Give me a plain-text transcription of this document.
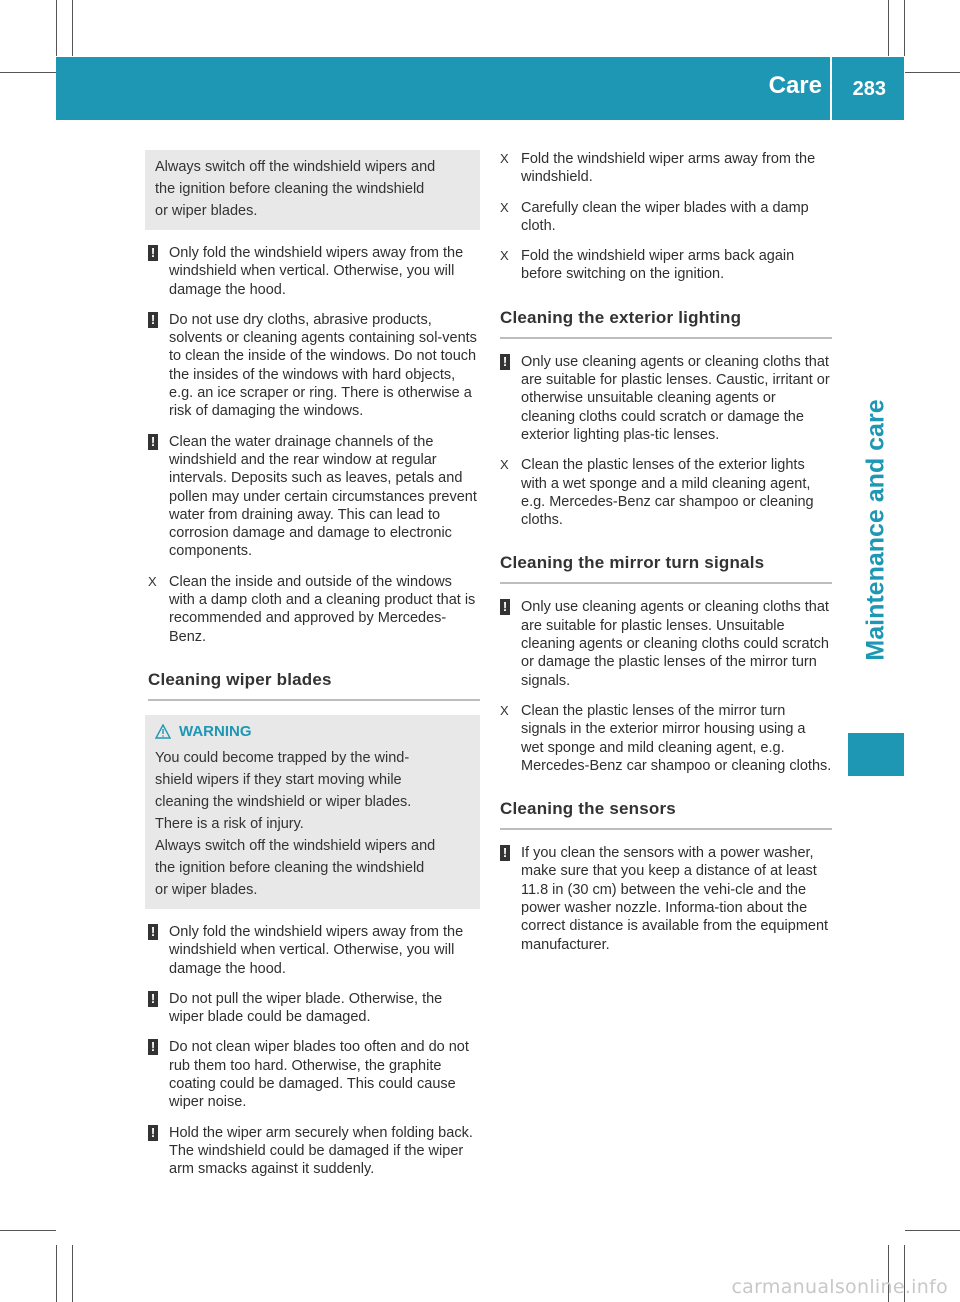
Care 283
Maintenance and care

Always switch off the windshield wipers and

the ignition before cleaning the windshield

or wiper blades.

! Only fold the windshield wipers away from the windshield when vertical. Otherwise, you will damage the hood.

! Do not use dry cloths, abrasive products, solvents or cleaning agents containing sol-vents to clean the inside of the windows. Do not touch the insides of the windows with hard objects, e.g. an ice scraper or ring. There is otherwise a risk of damaging the windows.

! Clean the water drainage channels of the windshield and the rear window at regular intervals. Deposits such as leaves, petals and pollen may under certain circumstances prevent water from draining away. This can lead to corrosion damage and damage to electronic components.

X Clean the inside and outside of the windows with a damp cloth and a cleaning product that is recommended and approved by Mercedes-Benz.

Cleaning wiper blades

WARNING

You could become trapped by the wind-

shield wipers if they start moving while

cleaning the windshield or wiper blades.

There is a risk of injury.

Always switch off the windshield wipers and

the ignition before cleaning the windshield

or wiper blades.

! Only fold the windshield wipers away from the windshield when vertical. Otherwise, you will damage the hood.

! Do not pull the wiper blade. Otherwise, the wiper blade could be damaged.

! Do not clean wiper blades too often and do not rub them too hard. Otherwise, the graphite coating could be damaged. This could cause wiper noise.

! Hold the wiper arm securely when folding back. The windshield could be damaged if the wiper arm smacks against it suddenly.

X Fold the windshield wiper arms away from the windshield.

X Carefully clean the wiper blades with a damp cloth.

X Fold the windshield wiper arms back again before switching on the ignition.

Cleaning the exterior lighting

! Only use cleaning agents or cleaning cloths that are suitable for plastic lenses. Caustic, irritant or otherwise unsuitable cleaning agents or cleaning cloths could scratch or damage the exterior lighting plas-tic lenses.

X Clean the plastic lenses of the exterior lights with a wet sponge and a mild cleaning agent, e.g. Mercedes-Benz car shampoo or cleaning cloths.

Cleaning the mirror turn signals

! Only use cleaning agents or cleaning cloths that are suitable for plastic lenses. Unsuitable cleaning agents or cleaning cloths could scratch or damage the plastic lenses of the mirror turn signals.

X Clean the plastic lenses of the mirror turn signals in the exterior mirror housing using a wet sponge and mild cleaning agent, e.g. Mercedes-Benz car shampoo or cleaning cloths.

Cleaning the sensors

! If you clean the sensors with a power washer, make sure that you keep a distance of at least 11.8 in (30 cm) between the vehi-cle and the power washer nozzle. Informa-tion about the correct distance is available from the equipment manufacturer.

carmanualsonline.info
